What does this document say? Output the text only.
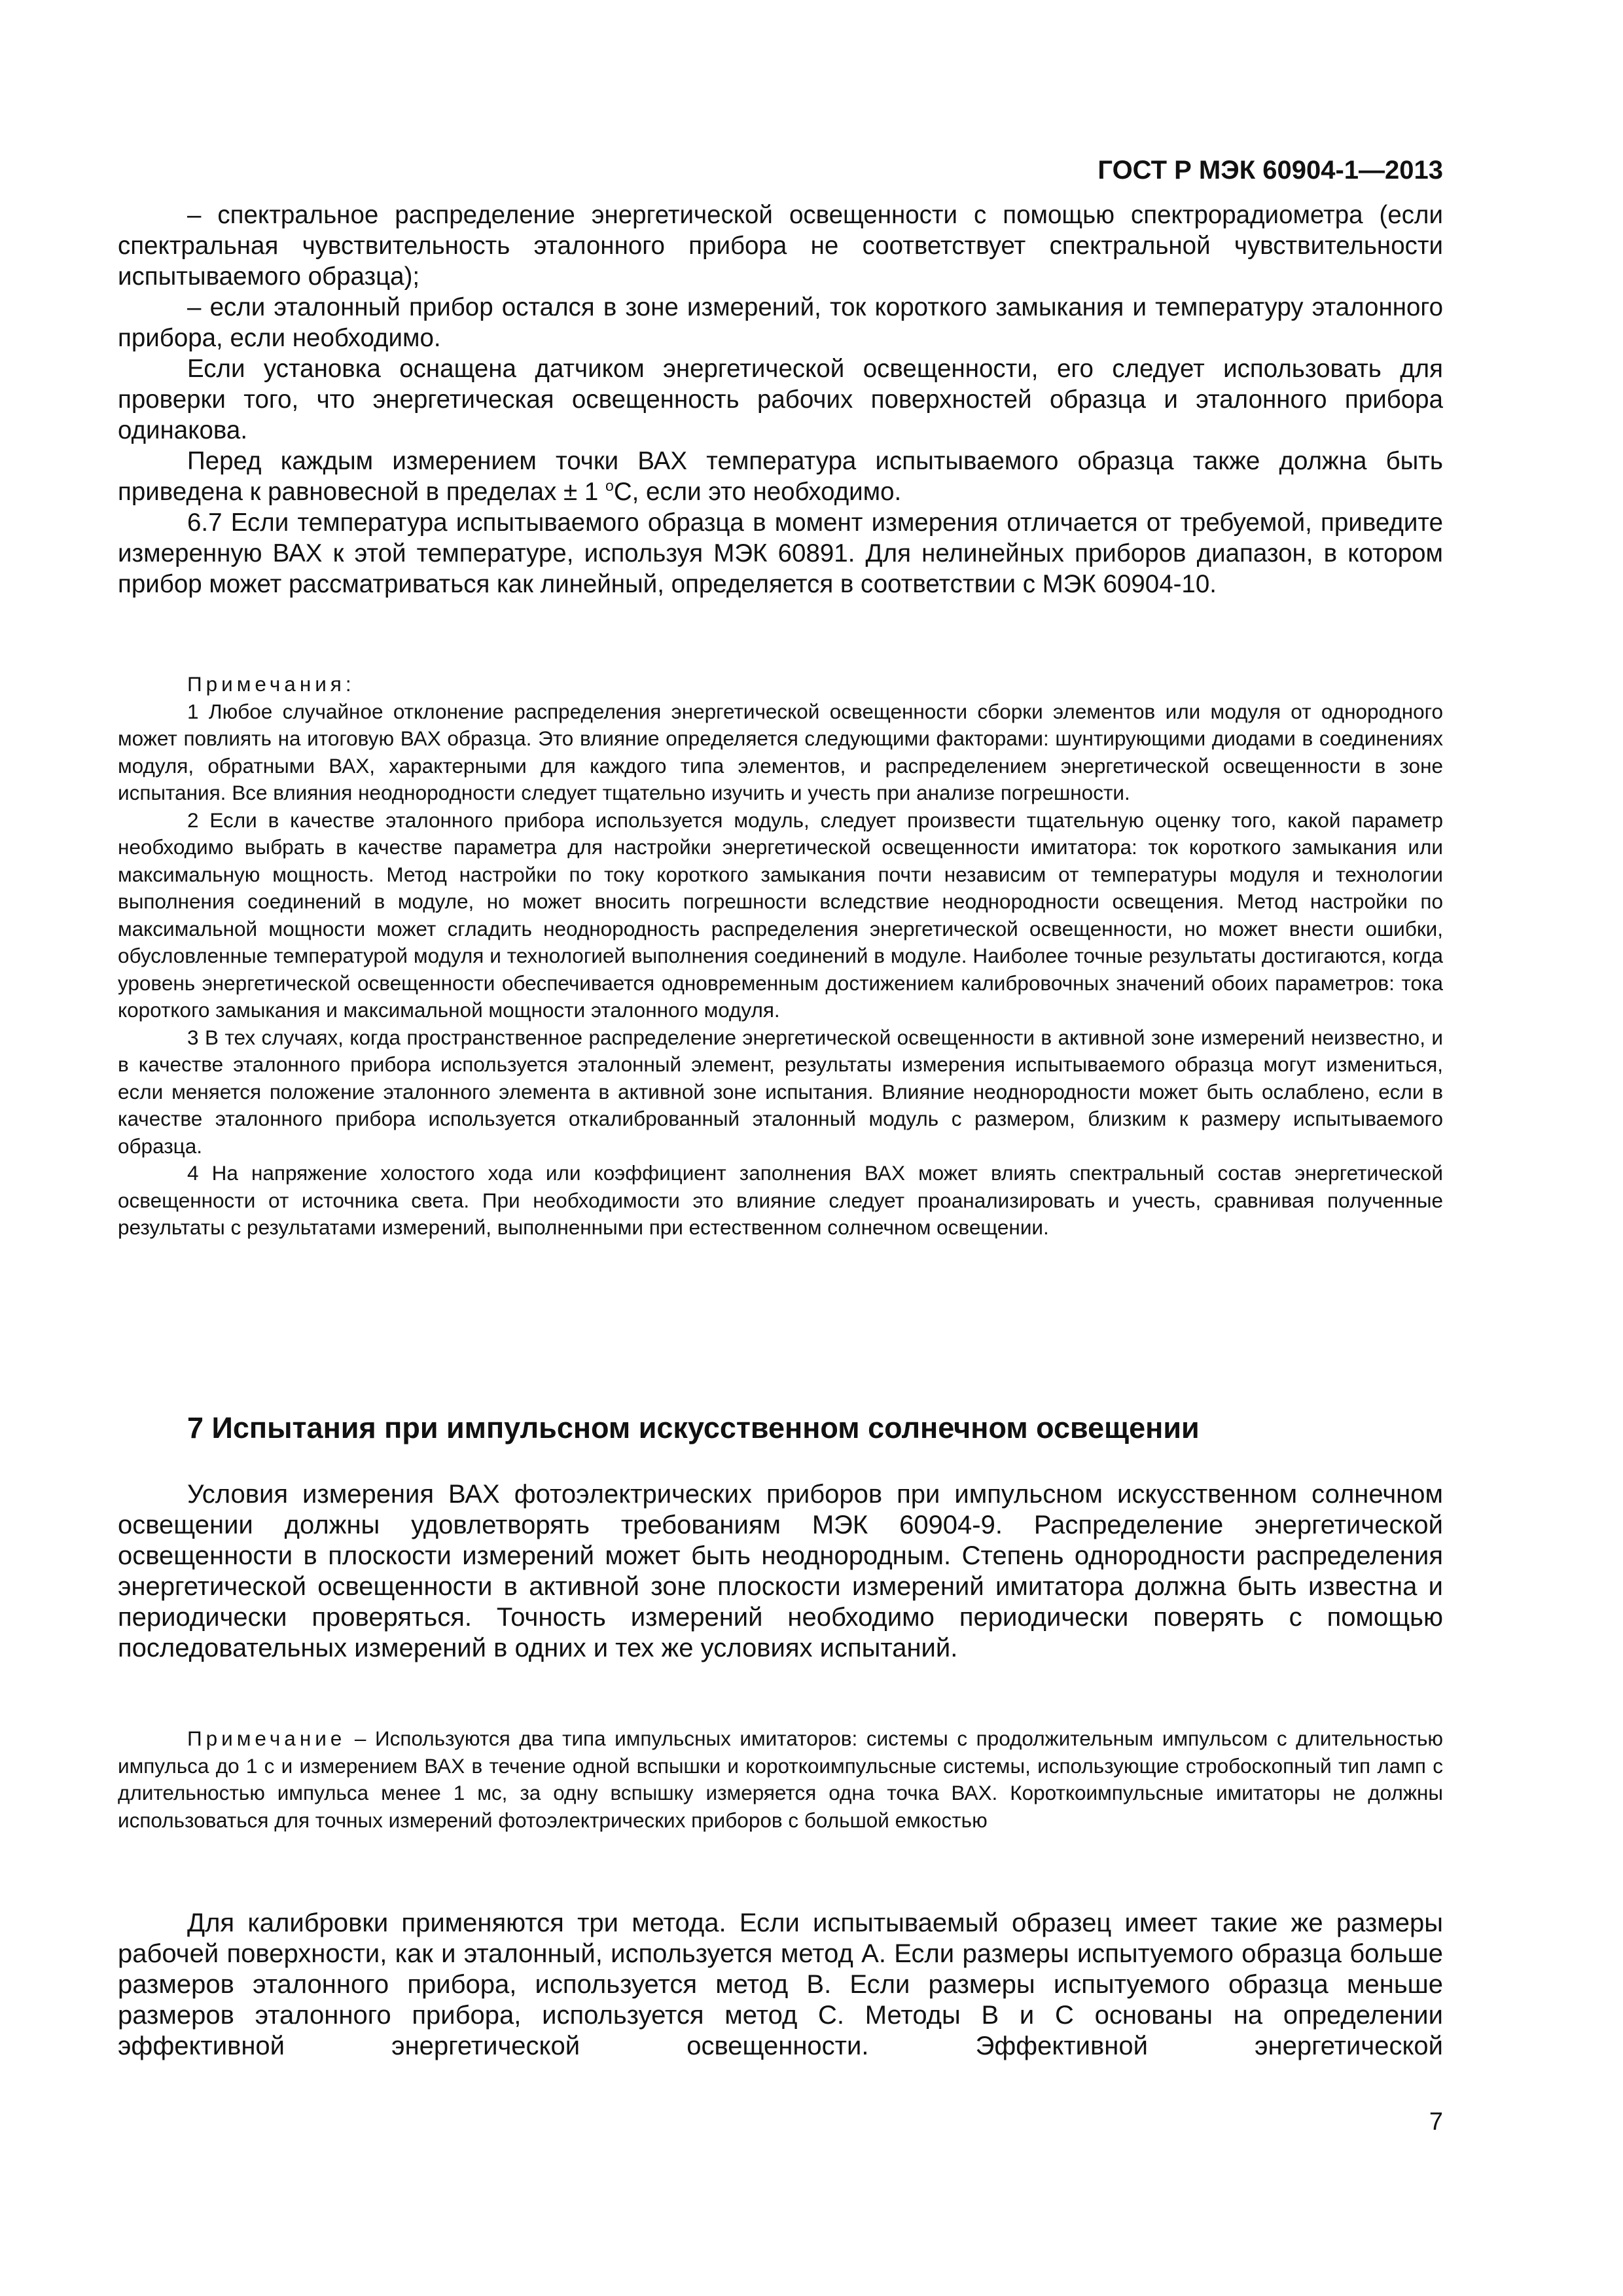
ГОСТ Р МЭК 60904-1—2013

– спектральное распределение энергетической освещенности с помощью спектрорадиометра (если спектральная чувствительность эталонного прибора не соответствует спектральной чувствительности испытываемого образца);

– если эталонный прибор остался в зоне измерений, ток короткого замыкания и температуру эталонного прибора, если необходимо.

Если установка оснащена датчиком энергетической освещенности, его следует использовать для проверки того, что энергетическая освещенность рабочих поверхностей образца и эталонного прибора одинакова.

Перед каждым измерением точки ВАХ температура испытываемого образца также должна быть приведена к равновесной в пределах ± 1 $^o$С, если это необходимо.

6.7 Если температура испытываемого образца в момент измерения отличается от требуемой, приведите измеренную ВАХ к этой температуре, используя МЭК 60891. Для нелинейных приборов диапазон, в котором прибор может рассматриваться как линейный, определяется в соответствии с МЭК 60904-10.

Примечания:

1 Любое случайное отклонение распределения энергетической освещенности сборки элементов или модуля от однородного может повлиять на итоговую ВАХ образца. Это влияние определяется следующими факторами: шунтирующими диодами в соединениях модуля, обратными ВАХ, характерными для каждого типа элементов, и распределением энергетической освещенности в зоне испытания. Все влияния неоднородности следует тщательно изучить и учесть при анализе погрешности.

2 Если в качестве эталонного прибора используется модуль, следует произвести тщательную оценку того, какой параметр необходимо выбрать в качестве параметра для настройки энергетической освещенности имитатора: ток короткого замыкания или максимальную мощность. Метод настройки по току короткого замыкания почти независим от температуры модуля и технологии выполнения соединений в модуле, но может вносить погрешности вследствие неоднородности освещения. Метод настройки по максимальной мощности может сгладить неоднородность распределения энергетической освещенности, но может внести ошибки, обусловленные температурой модуля и технологией выполнения соединений в модуле. Наиболее точные результаты достигаются, когда уровень энергетической освещенности обеспечивается одновременным достижением калибровочных значений обоих параметров: тока короткого замыкания и максимальной мощности эталонного модуля.

3 В тех случаях, когда пространственное распределение энергетической освещенности в активной зоне измерений неизвестно, и в качестве эталонного прибора используется эталонный элемент, результаты измерения испытываемого образца могут измениться, если меняется положение эталонного элемента в активной зоне испытания. Влияние неоднородности может быть ослаблено, если в качестве эталонного прибора используется откалиброванный эталонный модуль с размером, близким к размеру испытываемого образца.

4 На напряжение холостого хода или коэффициент заполнения ВАХ может влиять спектральный состав энергетической освещенности от источника света. При необходимости это влияние следует проанализировать и учесть, сравнивая полученные результаты с результатами измерений, выполненными при естественном солнечном освещении.

7 Испытания при импульсном искусственном солнечном освещении

Условия измерения ВАХ фотоэлектрических приборов при импульсном искусственном солнечном освещении должны удовлетворять требованиям МЭК 60904-9. Распределение энергетической освещенности в плоскости измерений может быть неоднородным. Степень однородности распределения энергетической освещенности в активной зоне плоскости измерений имитатора должна быть известна и периодически проверяться. Точность измерений необходимо периодически поверять с помощью последовательных измерений в одних и тех же условиях испытаний.

Примечание – Используются два типа импульсных имитаторов: системы с продолжительным импульсом с длительностью импульса до 1 с и измерением ВАХ в течение одной вспышки и короткоимпульсные системы, использующие стробоскопный тип ламп с длительностью импульса менее 1 мс, за одну вспышку измеряется одна точка ВАХ. Короткоимпульсные имитаторы не должны использоваться для точных измерений фотоэлектрических приборов с большой емкостью

Для калибровки применяются три метода. Если испытываемый образец имеет такие же размеры рабочей поверхности, как и эталонный, используется метод А. Если размеры испытуемого образца больше размеров эталонного прибора, используется метод В. Если размеры испытуемого образца меньше размеров эталонного прибора, используется метод С. Методы В и С основаны на определении эффективной энергетической освещенности. Эффективной энергетической

7
